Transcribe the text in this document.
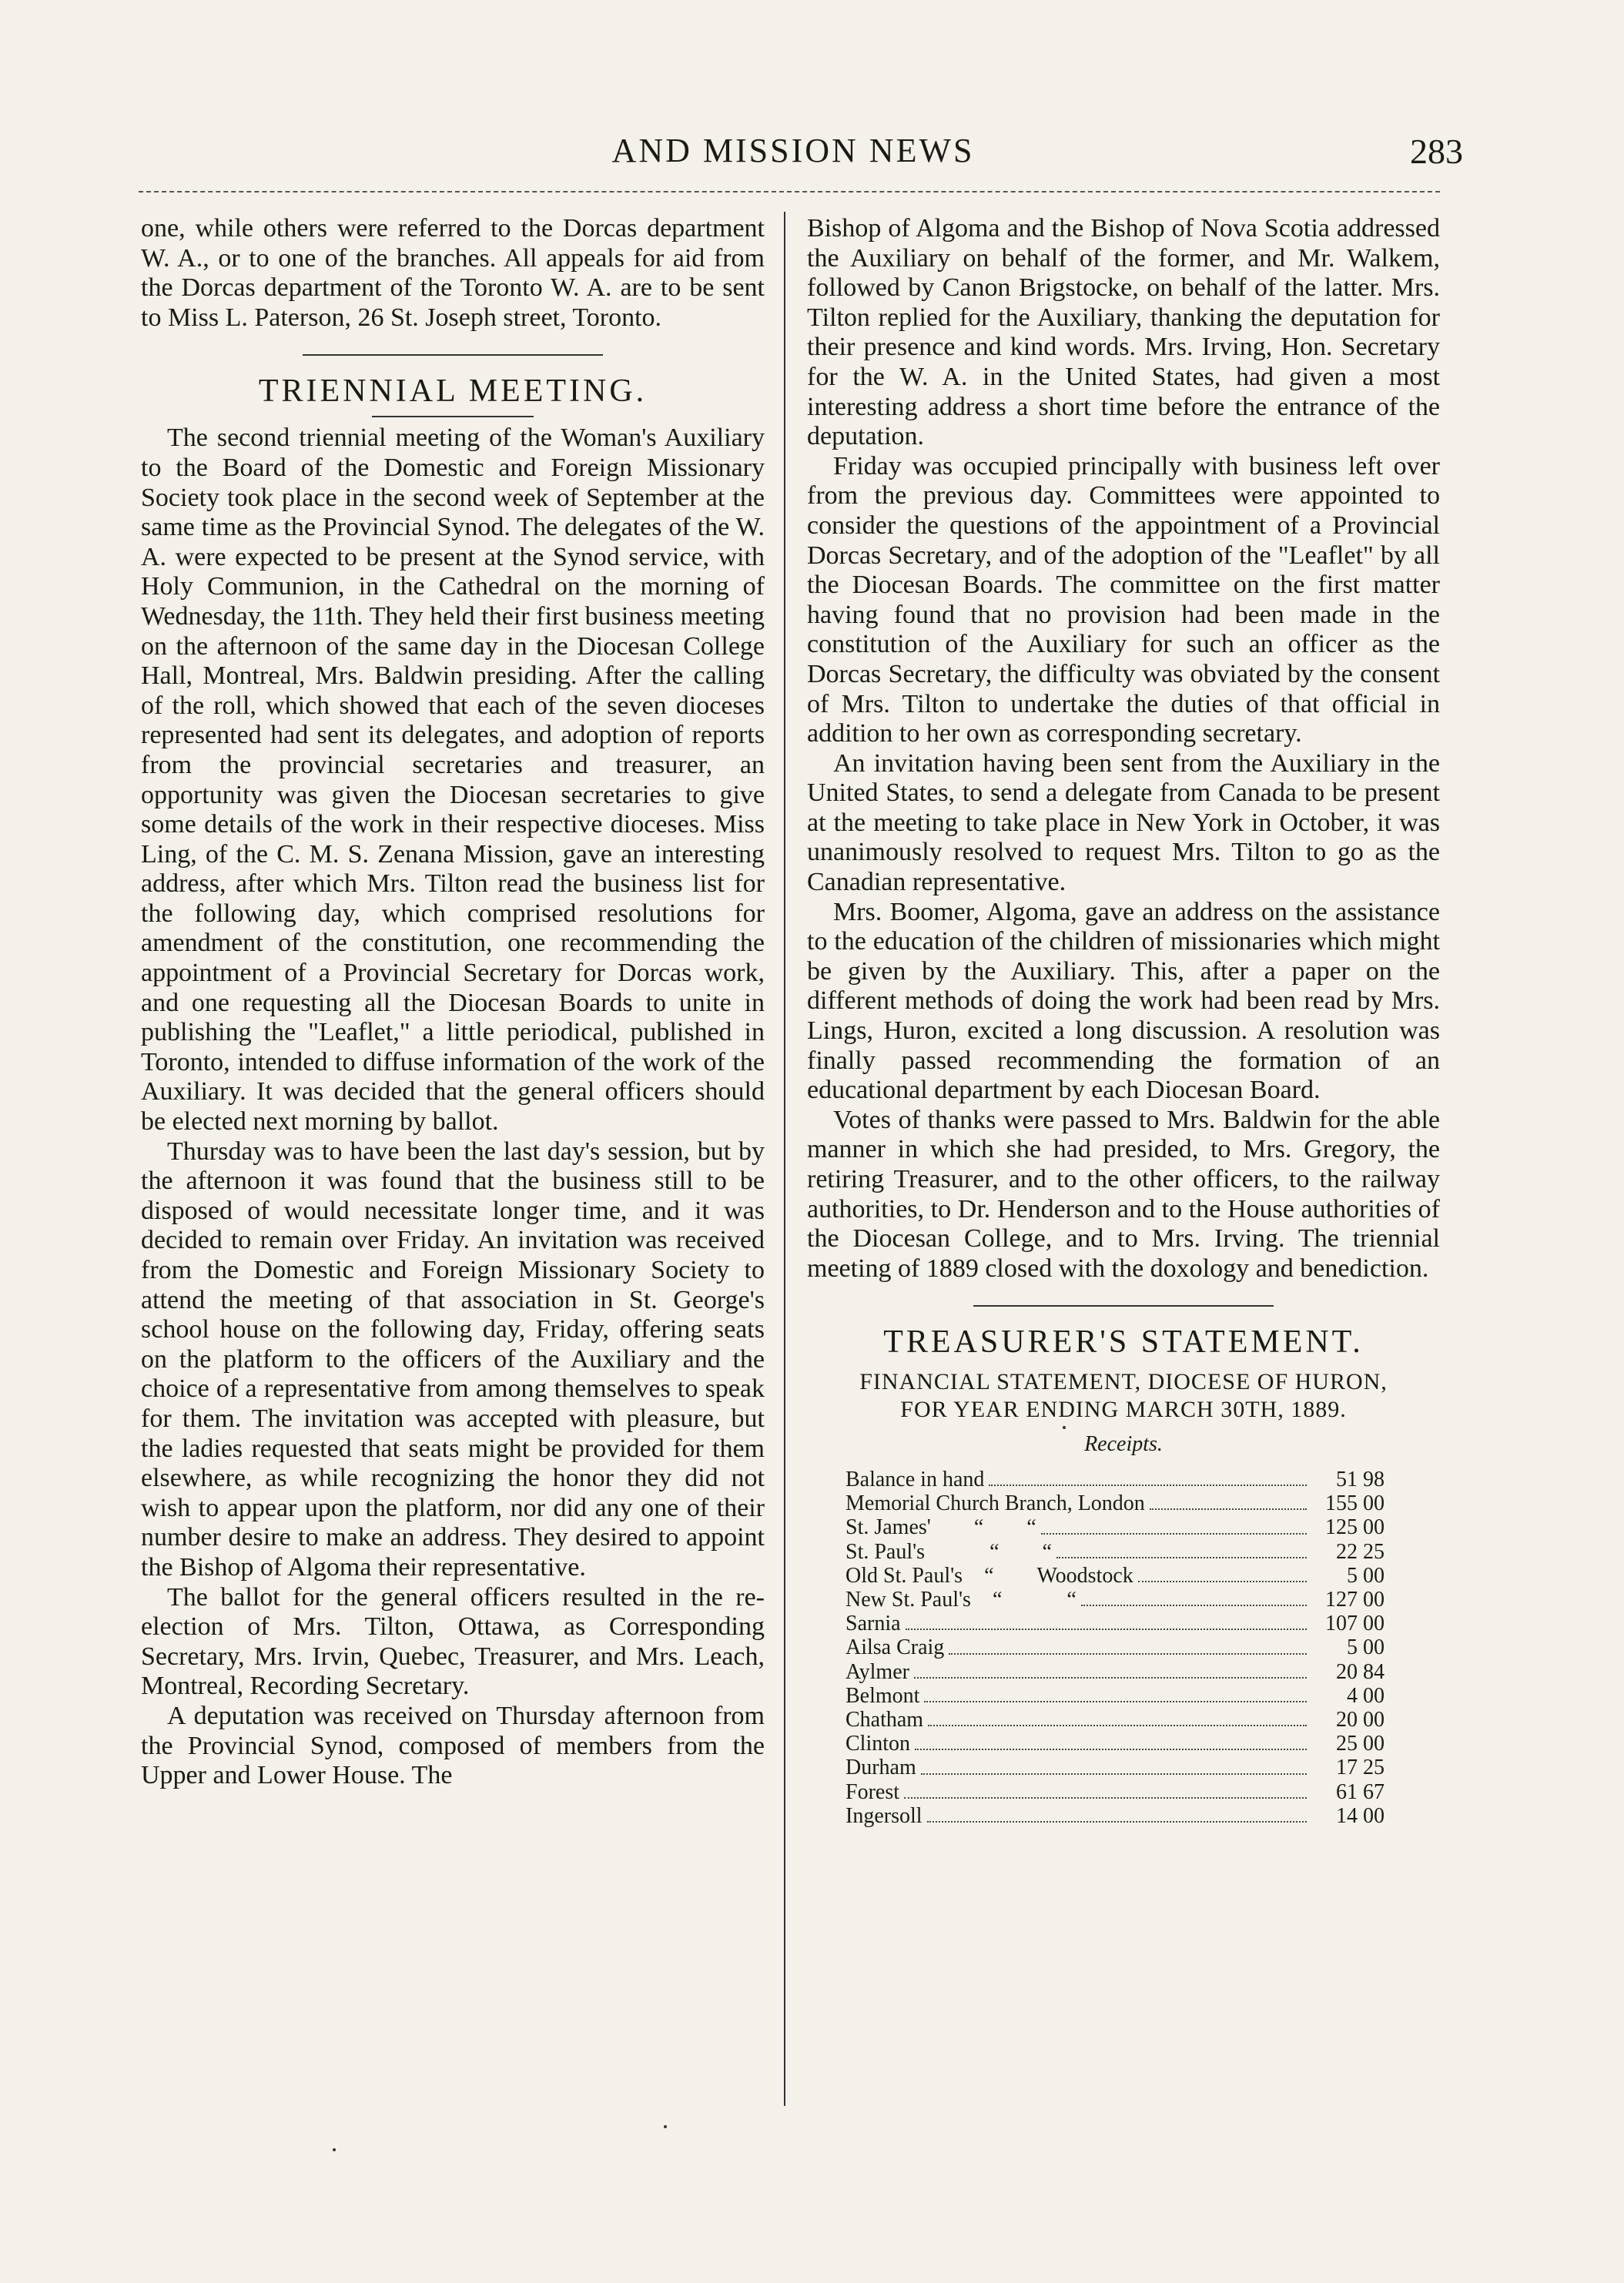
AND MISSION NEWS	283

one, while others were referred to the Dorcas department W. A., or to one of the branches. All appeals for aid from the Dorcas department of the Toronto W. A. are to be sent to Miss L. Paterson, 26 St. Joseph street, Toronto.

TRIENNIAL MEETING.

The second triennial meeting of the Woman's Auxiliary to the Board of the Domestic and Foreign Missionary Society took place in the second week of September at the same time as the Provincial Synod. The delegates of the W. A. were expected to be present at the Synod service, with Holy Communion, in the Cathedral on the morning of Wednesday, the 11th. They held their first business meeting on the afternoon of the same day in the Diocesan College Hall, Montreal, Mrs. Baldwin presiding. After the calling of the roll, which showed that each of the seven dioceses represented had sent its delegates, and adoption of reports from the provincial secretaries and treasurer, an opportunity was given the Diocesan secretaries to give some details of the work in their respective dioceses. Miss Ling, of the C. M. S. Zenana Mission, gave an interesting address, after which Mrs. Tilton read the business list for the following day, which comprised resolutions for amendment of the constitution, one recommending the appointment of a Provincial Secretary for Dorcas work, and one requesting all the Diocesan Boards to unite in publishing the "Leaflet," a little periodical, published in Toronto, intended to diffuse information of the work of the Auxiliary. It was decided that the general officers should be elected next morning by ballot.

Thursday was to have been the last day's session, but by the afternoon it was found that the business still to be disposed of would necessitate longer time, and it was decided to remain over Friday. An invitation was received from the Domestic and Foreign Missionary Society to attend the meeting of that association in St. George's school house on the following day, Friday, offering seats on the platform to the officers of the Auxiliary and the choice of a representative from among themselves to speak for them. The invitation was accepted with pleasure, but the ladies requested that seats might be provided for them elsewhere, as while recognizing the honor they did not wish to appear upon the platform, nor did any one of their number desire to make an address. They desired to appoint the Bishop of Algoma their representative.

The ballot for the general officers resulted in the re-election of Mrs. Tilton, Ottawa, as Corresponding Secretary, Mrs. Irvin, Quebec, Treasurer, and Mrs. Leach, Montreal, Recording Secretary.

A deputation was received on Thursday afternoon from the Provincial Synod, composed of members from the Upper and Lower House. The

Bishop of Algoma and the Bishop of Nova Scotia addressed the Auxiliary on behalf of the former, and Mr. Walkem, followed by Canon Brigstocke, on behalf of the latter. Mrs. Tilton replied for the Auxiliary, thanking the deputation for their presence and kind words. Mrs. Irving, Hon. Secretary for the W. A. in the United States, had given a most interesting address a short time before the entrance of the deputation.

Friday was occupied principally with business left over from the previous day. Committees were appointed to consider the questions of the appointment of a Provincial Dorcas Secretary, and of the adoption of the "Leaflet" by all the Diocesan Boards. The committee on the first matter having found that no provision had been made in the constitution of the Auxiliary for such an officer as the Dorcas Secretary, the difficulty was obviated by the consent of Mrs. Tilton to undertake the duties of that official in addition to her own as corresponding secretary.

An invitation having been sent from the Auxiliary in the United States, to send a delegate from Canada to be present at the meeting to take place in New York in October, it was unanimously resolved to request Mrs. Tilton to go as the Canadian representative.

Mrs. Boomer, Algoma, gave an address on the assistance to the education of the children of missionaries which might be given by the Auxiliary. This, after a paper on the different methods of doing the work had been read by Mrs. Lings, Huron, excited a long discussion. A resolution was finally passed recommending the formation of an educational department by each Diocesan Board.

Votes of thanks were passed to Mrs. Baldwin for the able manner in which she had presided, to Mrs. Gregory, the retiring Treasurer, and to the other officers, to the railway authorities, to Dr. Henderson and to the House authorities of the Diocesan College, and to Mrs. Irving. The triennial meeting of 1889 closed with the doxology and benediction.

TREASURER'S STATEMENT.

FINANCIAL STATEMENT, DIOCESE OF HURON,
FOR YEAR ENDING MARCH 30TH, 1889.
Receipts.
Balance in hand	51 98
Memorial Church Branch, London	155 00
St. James'  “  “	125 00
St. Paul's   “  “	22 25
Old St. Paul's “  Woodstock	5 00
New St. Paul's “   “	127 00
Sarnia	107 00
Ailsa Craig	5 00
Aylmer	20 84
Belmont	4 00
Chatham	20 00
Clinton	25 00
Durham	17 25
Forest	61 67
Ingersoll	14 00
